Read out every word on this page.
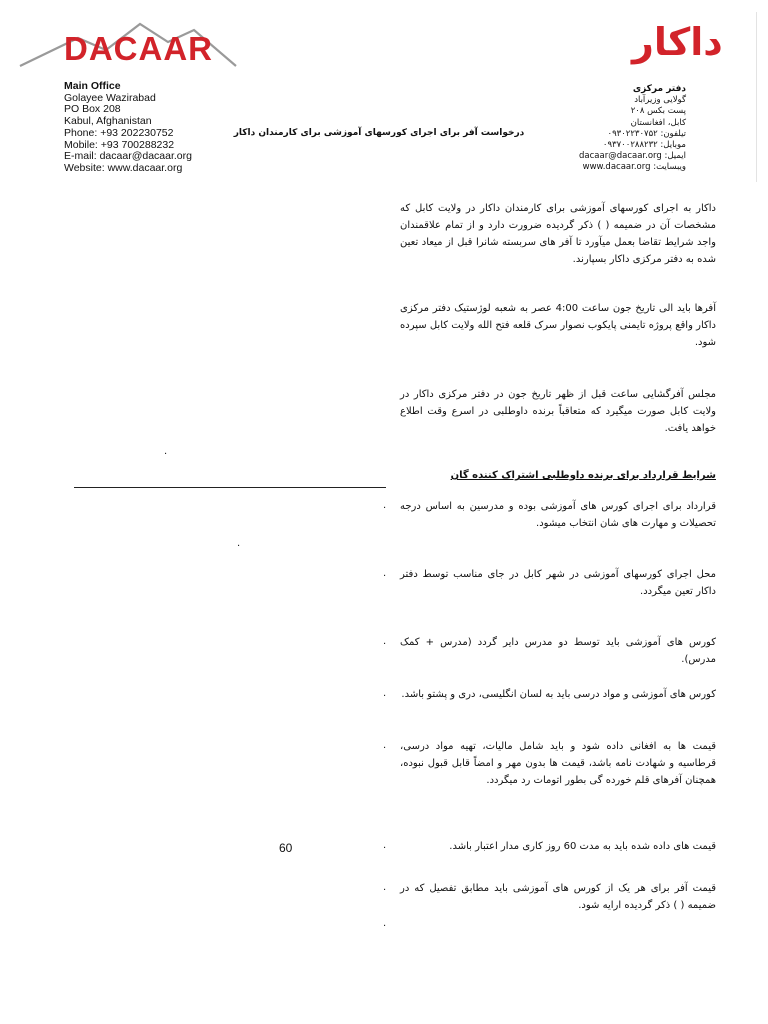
DACAAR	داکار
Main Office
Golayee Wazirabad
PO Box 208
Kabul, Afghanistan
Phone: +93 202230752
Mobile: +93 700288232
E-mail: dacaar@dacaar.org
Website: www.dacaar.org
دفتر مرکزی
گولایی وزیرآباد
پست بکس ۲۰۸
کابل، افغانستان
تیلفون: ۰۹۳۰۲۲۳۰۷۵۲
موبایل: ۰۹۳۷۰۰۲۸۸۲۳۲
ایمیل: dacaar@dacaar.org
ویبسایت: www.dacaar.org
درخواست آفر برای اجرای کورسهای آموزشی برای کارمندان داکار
داکار به اجرای کورسهای آموزشی برای کارمندان داکار در ولایت کابل که مشخصات آن در ضمیمه ( ) ذکر گردیده ضرورت دارد و از تمام علاقمندان واجد شرایط تقاضا بعمل میآورد تا آفر های سربسته شانرا قبل از میعاد تعین شده به دفتر مرکزی داکار بسپارند.
آفرها باید الی تاریخ جون ساعت 4:00 عصر به شعبه لوژستیک دفتر مرکزی داکار واقع پروژه تایمنی پایکوب نصوار سرک قلعه فتح الله ولایت کابل سپرده شود.
مجلس آفرگشایی ساعت قبل از ظهر تاریخ جون در دفتر مرکزی داکار در ولایت کابل صورت میگیرد که متعاقباً برنده داوطلبی در اسرع وقت اطلاع خواهد یافت.
.
شرایط قرارداد برای برنده داوطلبی اشتراک کننده گان
.
. قرارداد برای اجرای کورس های آموزشی بوده و مدرسین به اساس درجه تحصیلات و مهارت های شان انتخاب میشود.
. محل اجرای کورسهای آموزشی در شهر کابل در جای مناسب توسط دفتر داکار تعین میگردد.
. کورس های آموزشی باید توسط دو مدرس دایر گردد (مدرس + کمک مدرس).
. کورس های آموزشی و مواد درسی باید به لسان انگلیسی، دری و پشتو باشد.
. قیمت ها به افغانی داده شود و باید شامل مالیات، تهیه مواد درسی، قرطاسیه و شهادت نامه باشد، قیمت ها بدون مهر و امضاً قابل قبول نبوده، همچنان آفرهای قلم خورده گی بطور اتومات رد میگردد.
60	.	قیمت های داده شده باید به مدت 60 روز کاری مدار اعتبار باشد.
. قیمت آفر برای هر یک از کورس های آموزشی باید مطابق تفصیل که در ضمیمه ( ) ذکر گردیده ارایه شود.
.
